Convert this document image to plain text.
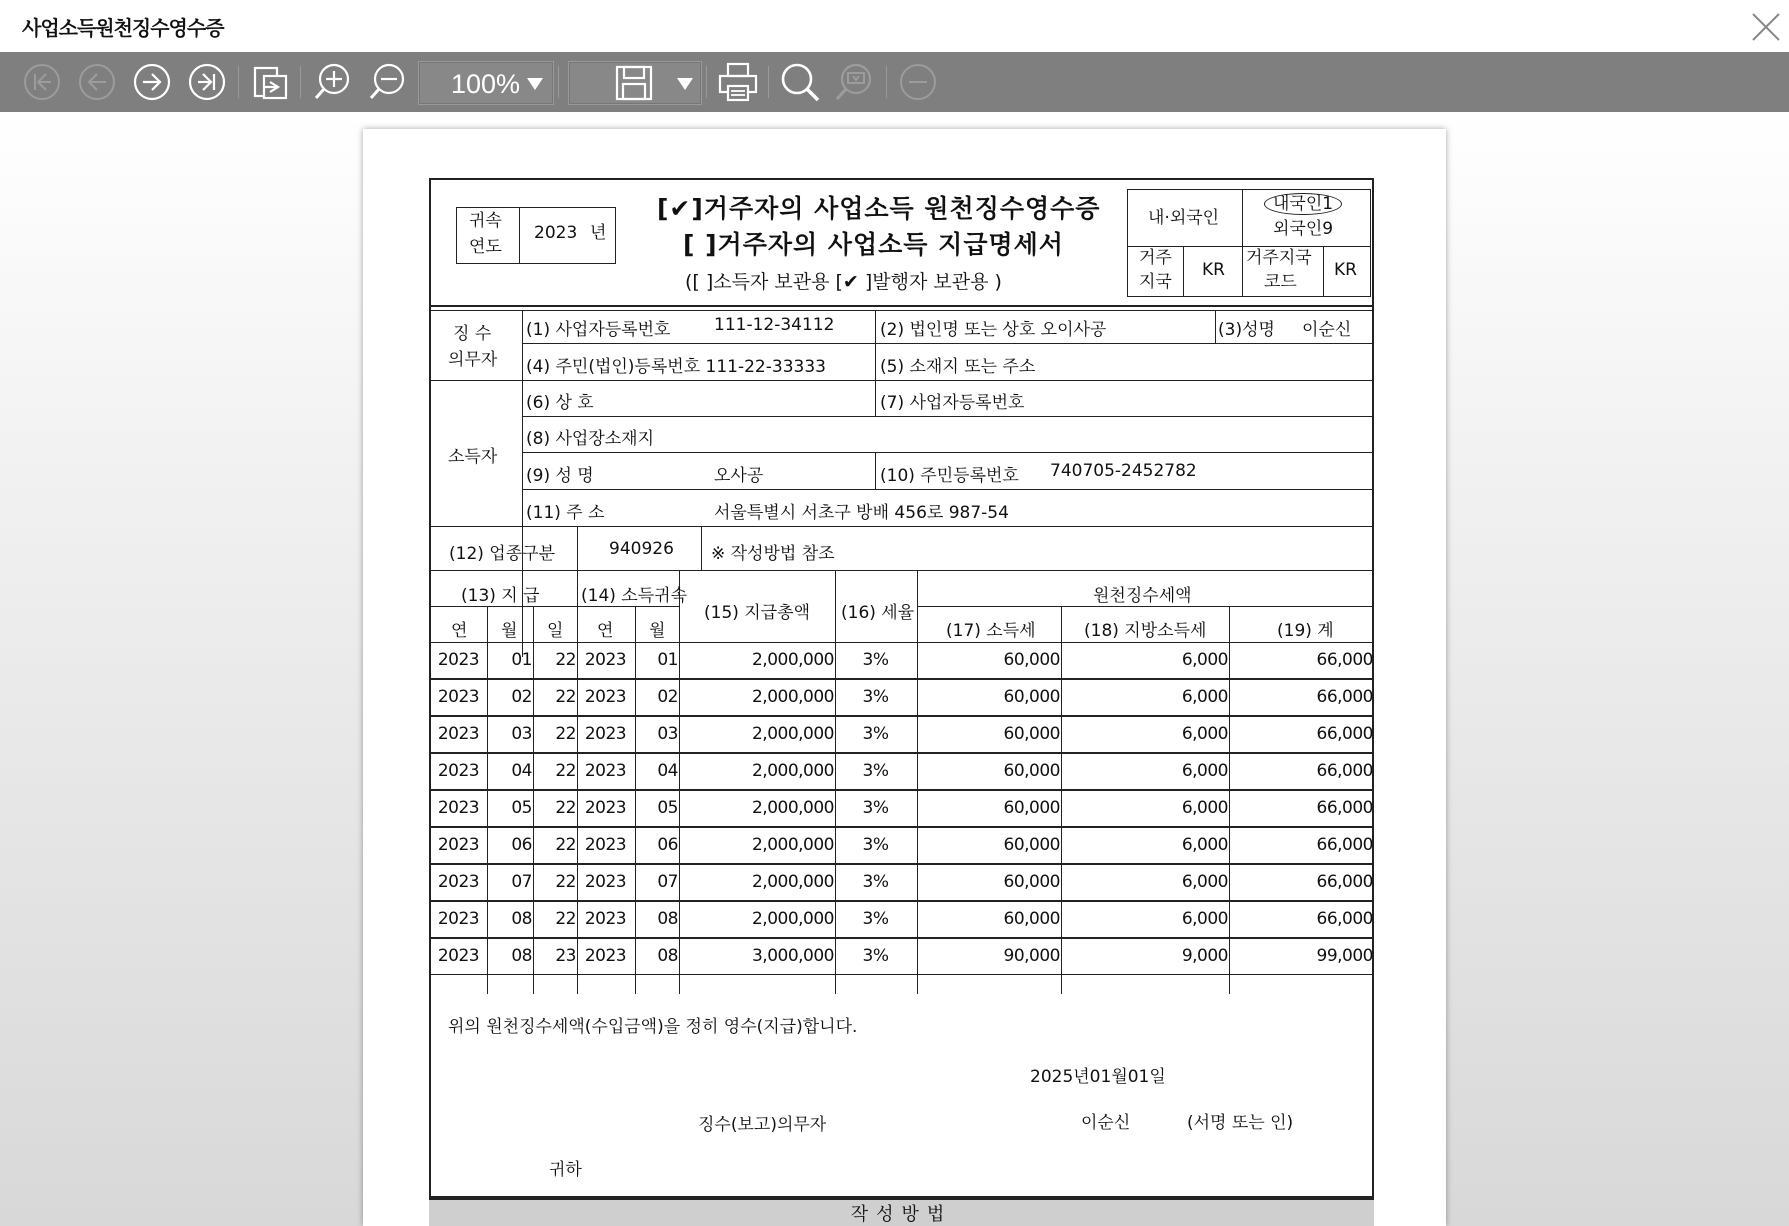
사업소득원천징수영수증
100%
귀속
연도
2023 년
[✔]거주자의 사업소득 원천징수영수증
[ ]거주자의 사업소득 지급명세서
([ ]소득자 보관용 [✔ ]발행자 보관용 )
내·외국인
내국인1
외국인9
거주
지국
KR
거주지국
코드
KR
징 수
의무자
(1) 사업자등록번호	111-12-34112	(2) 법인명 또는 상호 오이사공	(3)성명 이순신
(4) 주민(법인)등록번호 111-22-33333	(5) 소재지 또는 주소
소득자
(6) 상 호	(7) 사업자등록번호
(8) 사업장소재지
(9) 성 명	오사공	(10) 주민등록번호 740705-2452782
(11) 주 소	서울특별시 서초구 방배 456로 987-54
(12) 업종구분	940926 ※ 작성방법 참조
(13) 지 급 (14) 소득귀속
(15) 지급총액 (16) 세율
원천징수세액
연 월 일 연 월	(17) 소득세	(18) 지방소득세	(19) 계
2023	01	22 2023	01	2,000,000	3%	60,000	6,000	66,000
2023	02	22 2023	02	2,000,000	3%	60,000	6,000	66,000
2023	03	22 2023	03	2,000,000	3%	60,000	6,000	66,000
2023	04	22 2023	04	2,000,000	3%	60,000	6,000	66,000
2023	05	22 2023	05	2,000,000	3%	60,000	6,000	66,000
2023	06	22 2023	06	2,000,000	3%	60,000	6,000	66,000
2023	07	22 2023	07	2,000,000	3%	60,000	6,000	66,000
2023	08	22 2023	08	2,000,000	3%	60,000	6,000	66,000
2023	08	23 2023	08	3,000,000	3%	90,000	9,000	99,000
위의 원천징수세액(수입금액)을 정히 영수(지급)합니다.
2025년01월01일
징수(보고)의무자	이순신	(서명 또는 인)
귀하
작성방법
